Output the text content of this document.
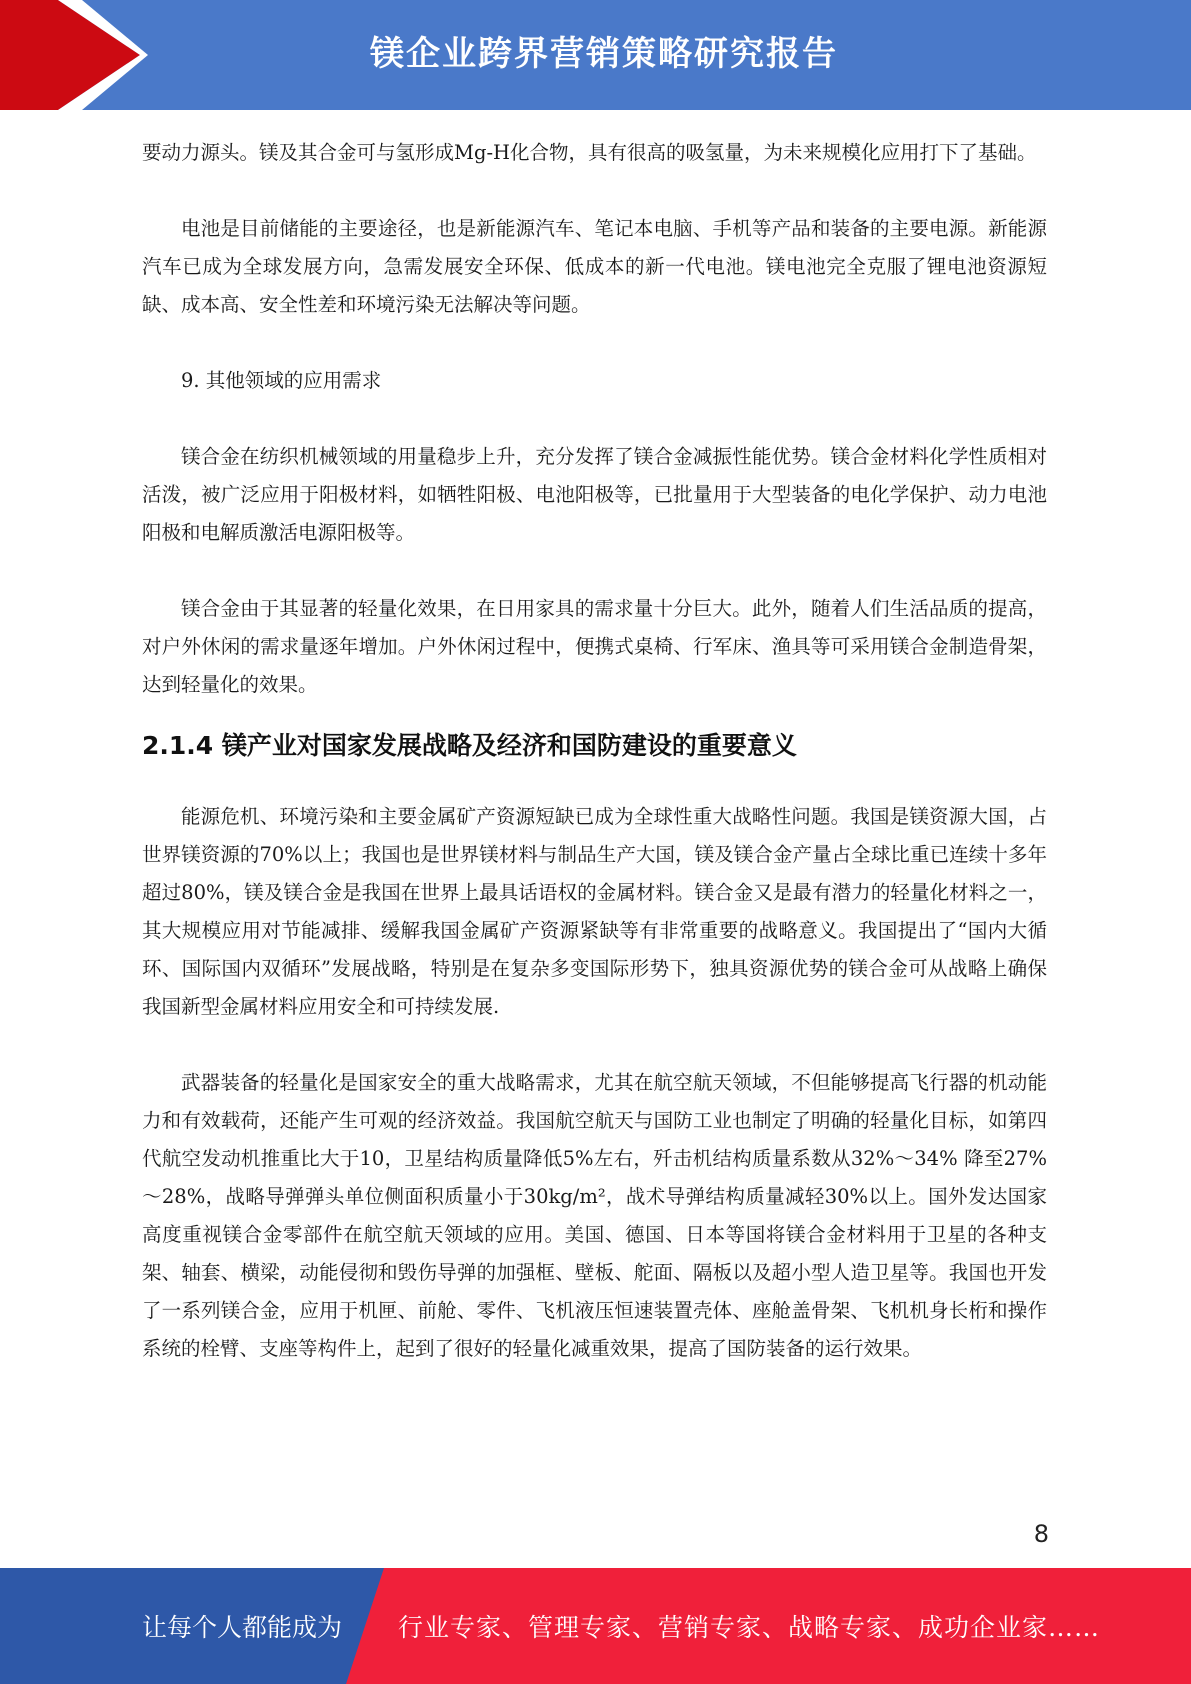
镁企业跨界营销策略研究报告

要动力源头。镁及其合金可与氢形成Mg-H化合物，具有很高的吸氢量，为未来规模化应用打下了基础。

电池是目前储能的主要途径，也是新能源汽车、笔记本电脑、手机等产品和装备的主要电源。新能源汽车已成为全球发展方向，急需发展安全环保、低成本的新一代电池。镁电池完全克服了锂电池资源短缺、成本高、安全性差和环境污染无法解决等问题。

9. 其他领域的应用需求

镁合金在纺织机械领域的用量稳步上升，充分发挥了镁合金减振性能优势。镁合金材料化学性质相对活泼，被广泛应用于阳极材料，如牺牲阳极、电池阳极等，已批量用于大型装备的电化学保护、动力电池阳极和电解质激活电源阳极等。

镁合金由于其显著的轻量化效果，在日用家具的需求量十分巨大。此外，随着人们生活品质的提高，对户外休闲的需求量逐年增加。户外休闲过程中，便携式桌椅、行军床、渔具等可采用镁合金制造骨架，达到轻量化的效果。

2.1.4 镁产业对国家发展战略及经济和国防建设的重要意义

能源危机、环境污染和主要金属矿产资源短缺已成为全球性重大战略性问题。我国是镁资源大国，占世界镁资源的70%以上；我国也是世界镁材料与制品生产大国，镁及镁合金产量占全球比重已连续十多年超过80%，镁及镁合金是我国在世界上最具话语权的金属材料。镁合金又是最有潜力的轻量化材料之一，其大规模应用对节能减排、缓解我国金属矿产资源紧缺等有非常重要的战略意义。我国提出了“国内大循环、国际国内双循环”发展战略，特别是在复杂多变国际形势下，独具资源优势的镁合金可从战略上确保我国新型金属材料应用安全和可持续发展.

武器装备的轻量化是国家安全的重大战略需求，尤其在航空航天领域，不但能够提高飞行器的机动能力和有效载荷，还能产生可观的经济效益。我国航空航天与国防工业也制定了明确的轻量化目标，如第四代航空发动机推重比大于10，卫星结构质量降低5%左右，歼击机结构质量系数从32%～34% 降至27%～28%，战略导弹弹头单位侧面积质量小于30kg/m²，战术导弹结构质量减轻30%以上。国外发达国家高度重视镁合金零部件在航空航天领域的应用。美国、德国、日本等国将镁合金材料用于卫星的各种支架、轴套、横梁，动能侵彻和毁伤导弹的加强框、壁板、舵面、隔板以及超小型人造卫星等。我国也开发了一系列镁合金，应用于机匣、前舱、零件、飞机液压恒速装置壳体、座舱盖骨架、飞机机身长桁和操作系统的栓臂、支座等构件上，起到了很好的轻量化减重效果，提高了国防装备的运行效果。

8
让每个人都能成为 行业专家、管理专家、营销专家、战略专家、成功企业家……
